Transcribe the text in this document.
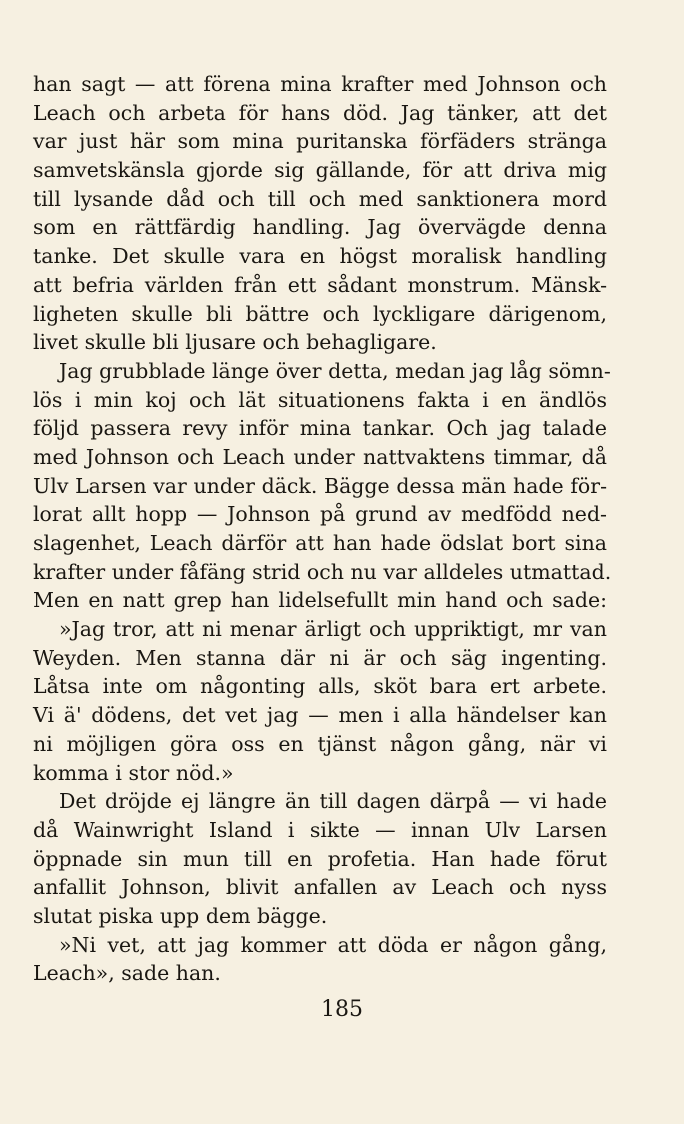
han sagt — att förena mina krafter med Johnson och
Leach och arbeta för hans död. Jag tänker, att det
var just här som mina puritanska förfäders stränga
samvetskänsla gjorde sig gällande, för att driva mig
till lysande dåd och till och med sanktionera mord
som en rättfärdig handling. Jag övervägde denna
tanke. Det skulle vara en högst moralisk handling
att befria världen från ett sådant monstrum. Mänsk-
ligheten skulle bli bättre och lyckligare därigenom,
livet skulle bli ljusare och behagligare.
Jag grubblade länge över detta, medan jag låg sömn-
lös i min koj och lät situationens fakta i en ändlös
följd passera revy inför mina tankar. Och jag talade
med Johnson och Leach under nattvaktens timmar, då
Ulv Larsen var under däck. Bägge dessa män hade för-
lorat allt hopp — Johnson på grund av medfödd ned-
slagenhet, Leach därför att han hade ödslat bort sina
krafter under fåfäng strid och nu var alldeles utmattad.
Men en natt grep han lidelsefullt min hand och sade:
»Jag tror, att ni menar ärligt och uppriktigt, mr van
Weyden. Men stanna där ni är och säg ingenting.
Låtsa inte om någonting alls, sköt bara ert arbete.
Vi ä' dödens, det vet jag — men i alla händelser kan
ni möjligen göra oss en tjänst någon gång, när vi
komma i stor nöd.»
Det dröjde ej längre än till dagen därpå — vi hade
då Wainwright Island i sikte — innan Ulv Larsen
öppnade sin mun till en profetia. Han hade förut
anfallit Johnson, blivit anfallen av Leach och nyss
slutat piska upp dem bägge.
»Ni vet, att jag kommer att döda er någon gång,
Leach», sade han.
185
